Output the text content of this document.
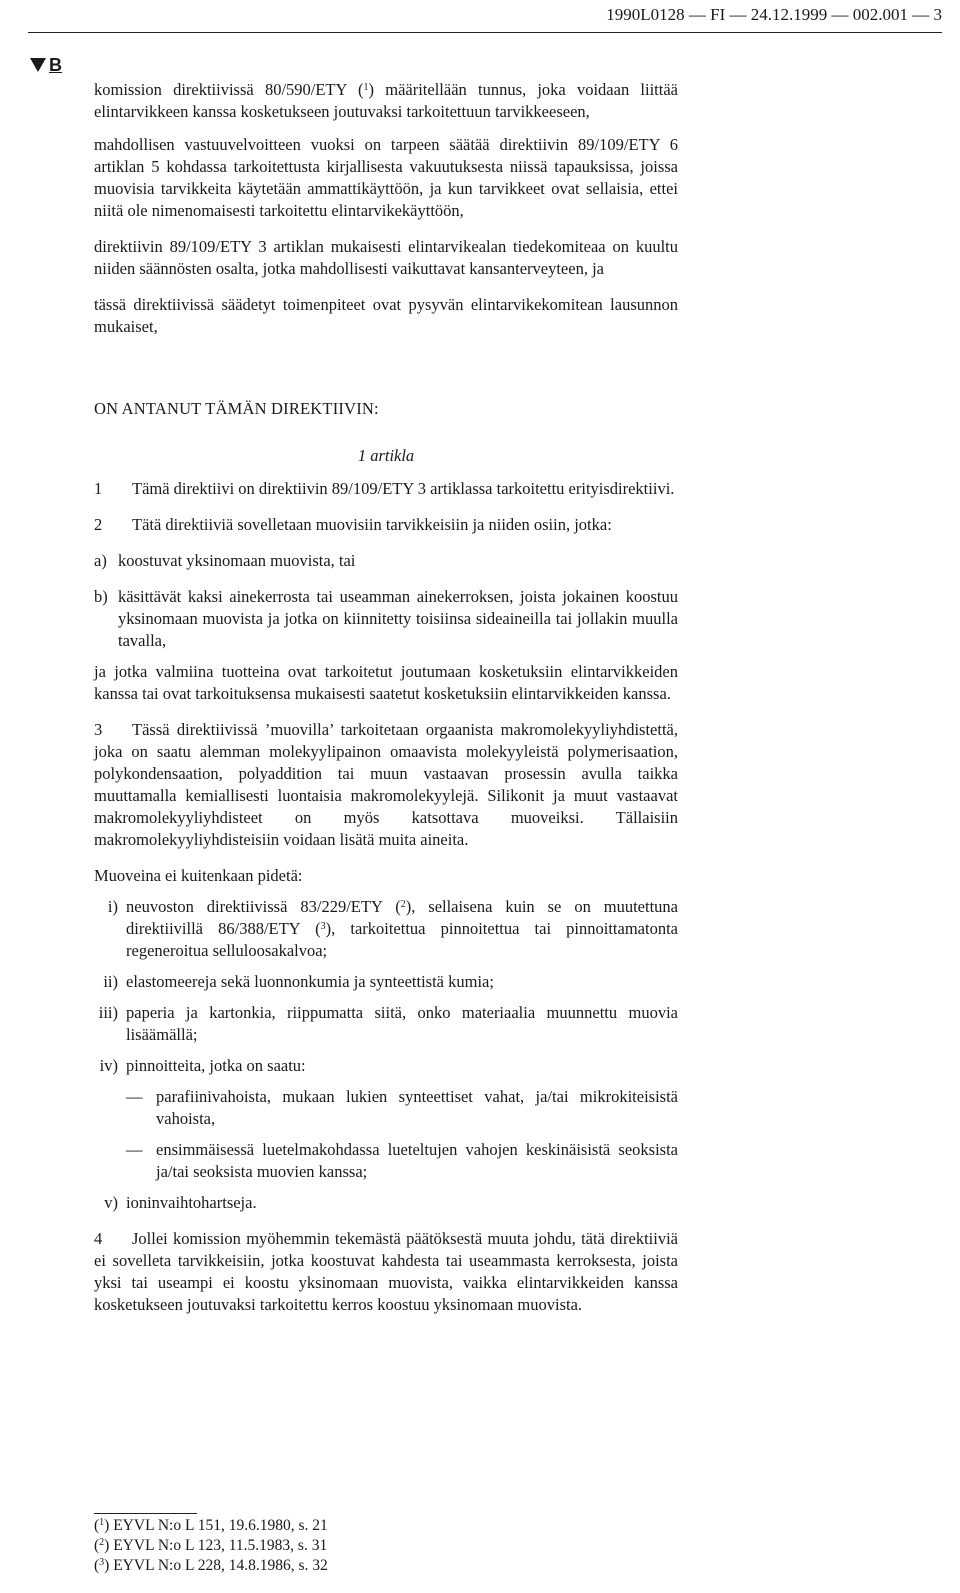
1990L0128 — FI — 24.12.1999 — 002.001 — 3
B

komission direktiivissä 80/590/ETY ($^1$) määritellään tunnus, joka voidaan liittää elintarvikkeen kanssa kosketukseen joutuvaksi tarkoitettuun tarvikkeeseen,

mahdollisen vastuuvelvoitteen vuoksi on tarpeen säätää direktiivin 89/109/ETY 6 artiklan 5 kohdassa tarkoitettusta kirjallisesta vakuutuksesta niissä tapauksissa, joissa muovisia tarvikkeita käytetään ammattikäyttöön, ja kun tarvikkeet ovat sellaisia, ettei niitä ole nimenomaisesti tarkoitettu elintarvikekäyttöön,

direktiivin 89/109/ETY 3 artiklan mukaisesti elintarvikealan tiedekomiteaa on kuultu niiden säännösten osalta, jotka mahdollisesti vaikuttavat kansanterveyteen, ja

tässä direktiivissä säädetyt toimenpiteet ovat pysyvän elintarvikekomitean lausunnon mukaiset,

ON ANTANUT TÄMÄN DIREKTIIVIN:

1 artikla

1 Tämä direktiivi on direktiivin 89/109/ETY 3 artiklassa tarkoitettu erityisdirektiivi.

2 Tätä direktiiviä sovelletaan muovisiin tarvikkeisiin ja niiden osiin, jotka:

a) koostuvat yksinomaan muovista, tai
b) käsittävät kaksi ainekerrosta tai useamman ainekerroksen, joista jokainen koostuu yksinomaan muovista ja jotka on kiinnitetty toisiinsa sideaineilla tai jollakin muulla tavalla,

ja jotka valmiina tuotteina ovat tarkoitetut joutumaan kosketuksiin elintarvikkeiden kanssa tai ovat tarkoituksensa mukaisesti saatetut kosketuksiin elintarvikkeiden kanssa.

3 Tässä direktiivissä ’muovilla’ tarkoitetaan orgaanista makromolekyyliyhdistettä, joka on saatu alemman molekyylipainon omaavista molekyyleistä polymerisaation, polykondensaation, polyaddition tai muun vastaavan prosessin avulla taikka muuttamalla kemiallisesti luontaisia makromolekyylejä. Silikonit ja muut vastaavat makromolekyyliyhdisteet on myös katsottava muoveiksi. Tällaisiin makromolekyyliyhdisteisiin voidaan lisätä muita aineita.

Muoveina ei kuitenkaan pidetä:

i) neuvoston direktiivissä 83/229/ETY ($^2$), sellaisena kuin se on muutettuna direktiivillä 86/388/ETY ($^3$), tarkoitettua pinnoitettua tai pinnoittamatonta regeneroitua selluloosakalvoa;
ii) elastomeereja sekä luonnonkumia ja synteettistä kumia;
iii) paperia ja kartonkia, riippumatta siitä, onko materiaalia muunnettu muovia lisäämällä;
iv) pinnoitteita, jotka on saatu:
— parafiinivahoista, mukaan lukien synteettiset vahat, ja/tai mikrokiteisistä vahoista,
— ensimmäisessä luetelmakohdassa lueteltujen vahojen keskinäisistä seoksista ja/tai seoksista muovien kanssa;
v) ioninvaihtohartseja.

4 Jollei komission myöhemmin tekemästä päätöksestä muuta johdu, tätä direktiiviä ei sovelleta tarvikkeisiin, jotka koostuvat kahdesta tai useammasta kerroksesta, joista yksi tai useampi ei koostu yksinomaan muovista, vaikka elintarvikkeiden kanssa kosketukseen joutuvaksi tarkoitettu kerros koostuu yksinomaan muovista.

($^1$) EYVL N:o L 151, 19.6.1980, s. 21
($^2$) EYVL N:o L 123, 11.5.1983, s. 31
($^3$) EYVL N:o L 228, 14.8.1986, s. 32
